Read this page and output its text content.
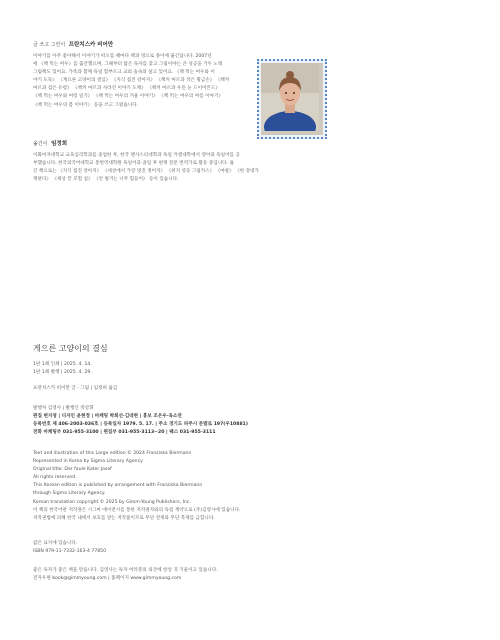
글 쓰고 그린이 프란치스카 비어만
이야기를 아주 좋아해서 이야기가 떠오를 때마다 책과 영으로 종이에 옮긴답니다. 2007년
에 《책 먹는 여우》를 출간했으며, 그때부터 많은 독자를 찾고 그림이야는 큰 성공을 거두 노래
그림책도 있어요. 가족과 함께 독일 함부르크 교외 숲속의 살고 있어요. 《책 먹는 여우와 이
야기 도둑》 《게으른 고양이의 결심》 《지식 집진 강아지》 《책커 마르과 작은 황금손》 《책커
마르과 검은 유령》 《책커 마르과 사라진 이야기 도깨》 《책커 마르과 우린 눈 드이어몬드》
《책 먹는 여우와 여렁 일기》 《책 먹는 여우의 겨울 이야기》 《책 먹는 여우의 여름 이야기》
《책 먹는 여우의 봄 이야기》 등을 쓰고 그렸습니다.
옮긴이 임정희
이화여자대학교 교육심리학과를 졸업한 후, 한국 멘사스터대학과 독일 카셀대학에서 영어와 독일어를 공
부했습니다. 한국외국어대학교 통번역대학원 독일어과 졸업 후 현재 전문 번역가로 활동 중입니다. 옮
긴 책으로는 《지식 집진 강아지》 《세상에서 가장 멋진 정어지》 《위지 영웅 그림카스》 《마살》 《한 강대가
재판다》 《세상 끝 모험 섬》 《안 벌거는 너무 힘들어》 등이 있습니다.
게으른 고양이의 결심
1판 1쇄 인쇄 | 2025. 4. 14.
1판 1쇄 발행 | 2025. 4. 29.
프란치스카 비어만 글 · 그림 | 임정희 옮김
발행처 김영사 | 발행인 박강휘
편집 변지영 | 디자인 윤현정 | 마케팅 박희선·김대현 | 홍보 조은우·육소연
등록번호 제 406-2003-036호 | 등록일자 1979. 5. 17. | 주소 경기도 파주시 문발로 197(우10881)
전화 마케팅부 031-955-3100 | 편집부 031-955-3113~20 | 팩스 031-955-3111
Text and illustration of this Large edition © 2024 Franziska Biermann
Represented in Korea by Sigma Literary Agency
Original title: Der faule Kater Josef
All rights reserved.
This Korean edition is published by arrangement with Franziska Biermann
through Sigma Literary Agency.
Korean translation copyright © 2025 by Gimm-Young Publishers, Inc.
이 책의 한국어판 저작권은 시그마 에이전시를 통한 저작권자와의 독점 계약으로 (주)김영사에 있습니다.
저작권법에 의해 한국 내에서 보호를 받는 저작물이므로 무단 전재와 무단 복제를 금합니다.
값은 표지에 있습니다.
ISBN 979-11-7332-163-4 77850
좋은 독자가 좋은 책을 만듭니다. 김영사는 독자 여러분의 의견에 항상 귀 기울이고 있습니다.
전자우편 book@gimmyoung.com | 홈페이지 www.gimmyoung.com
